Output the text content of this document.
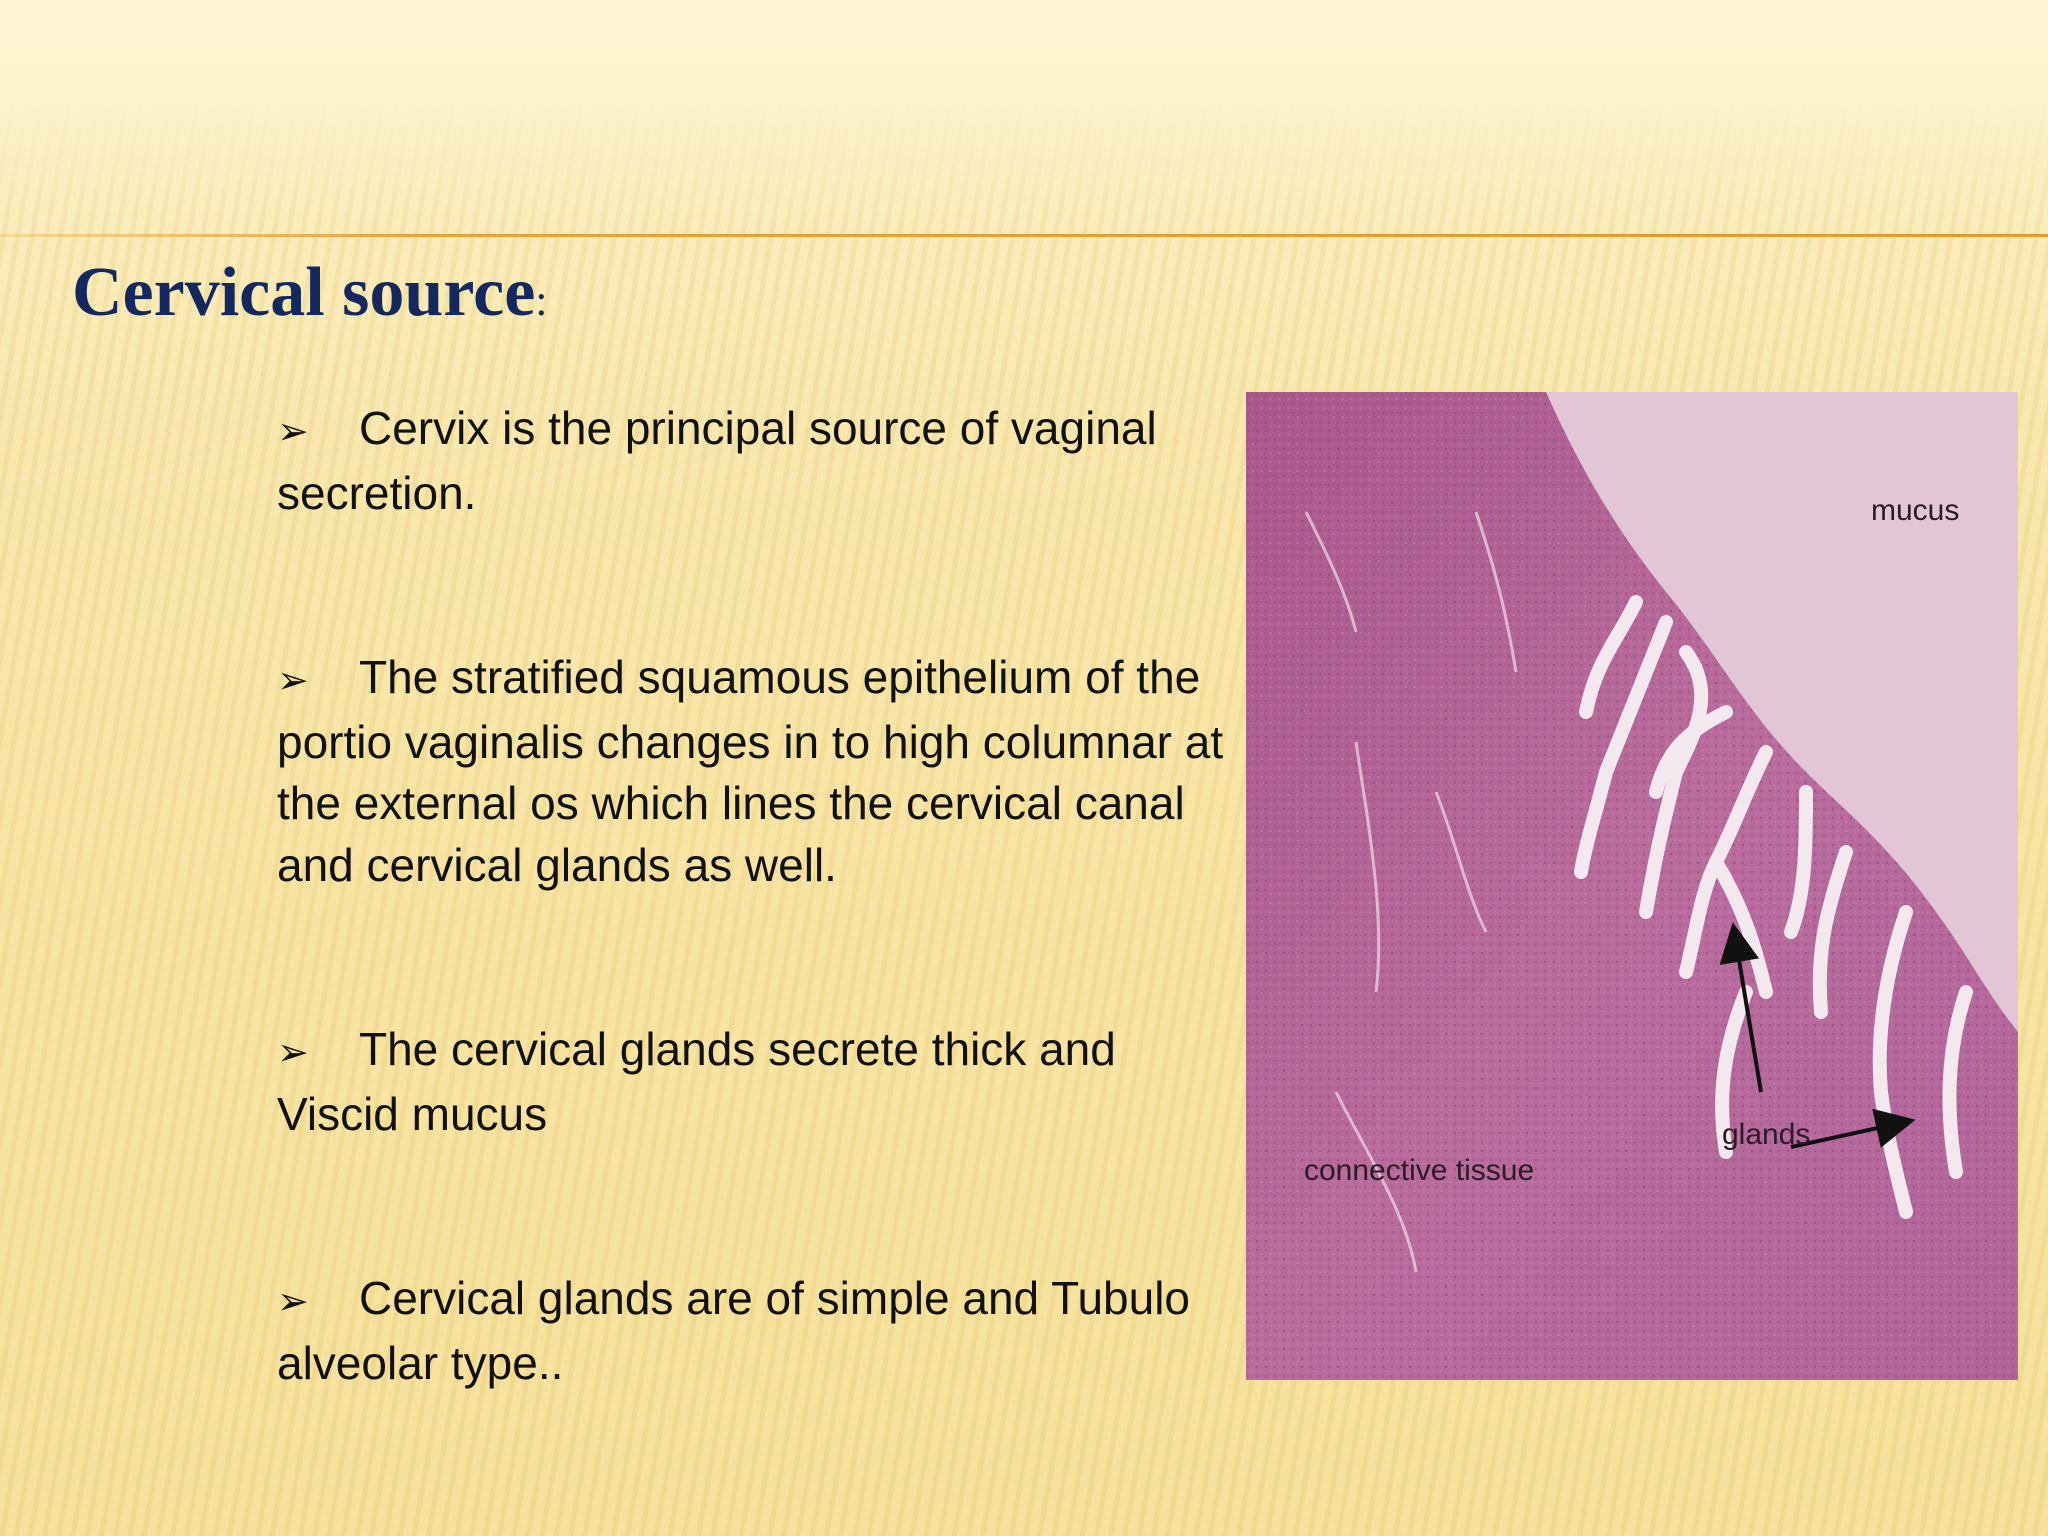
Cervical source:
➢ Cervix is the principal source of vaginal secretion.
➢ The stratified squamous epithelium of the portio vaginalis changes in to high columnar at the external os which lines the cervical canal and cervical glands as well.
➢ The cervical glands secrete thick and Viscid mucus
➢ Cervical glands are of simple and Tubulo alveolar type..
mucus
glands
connective tissue
